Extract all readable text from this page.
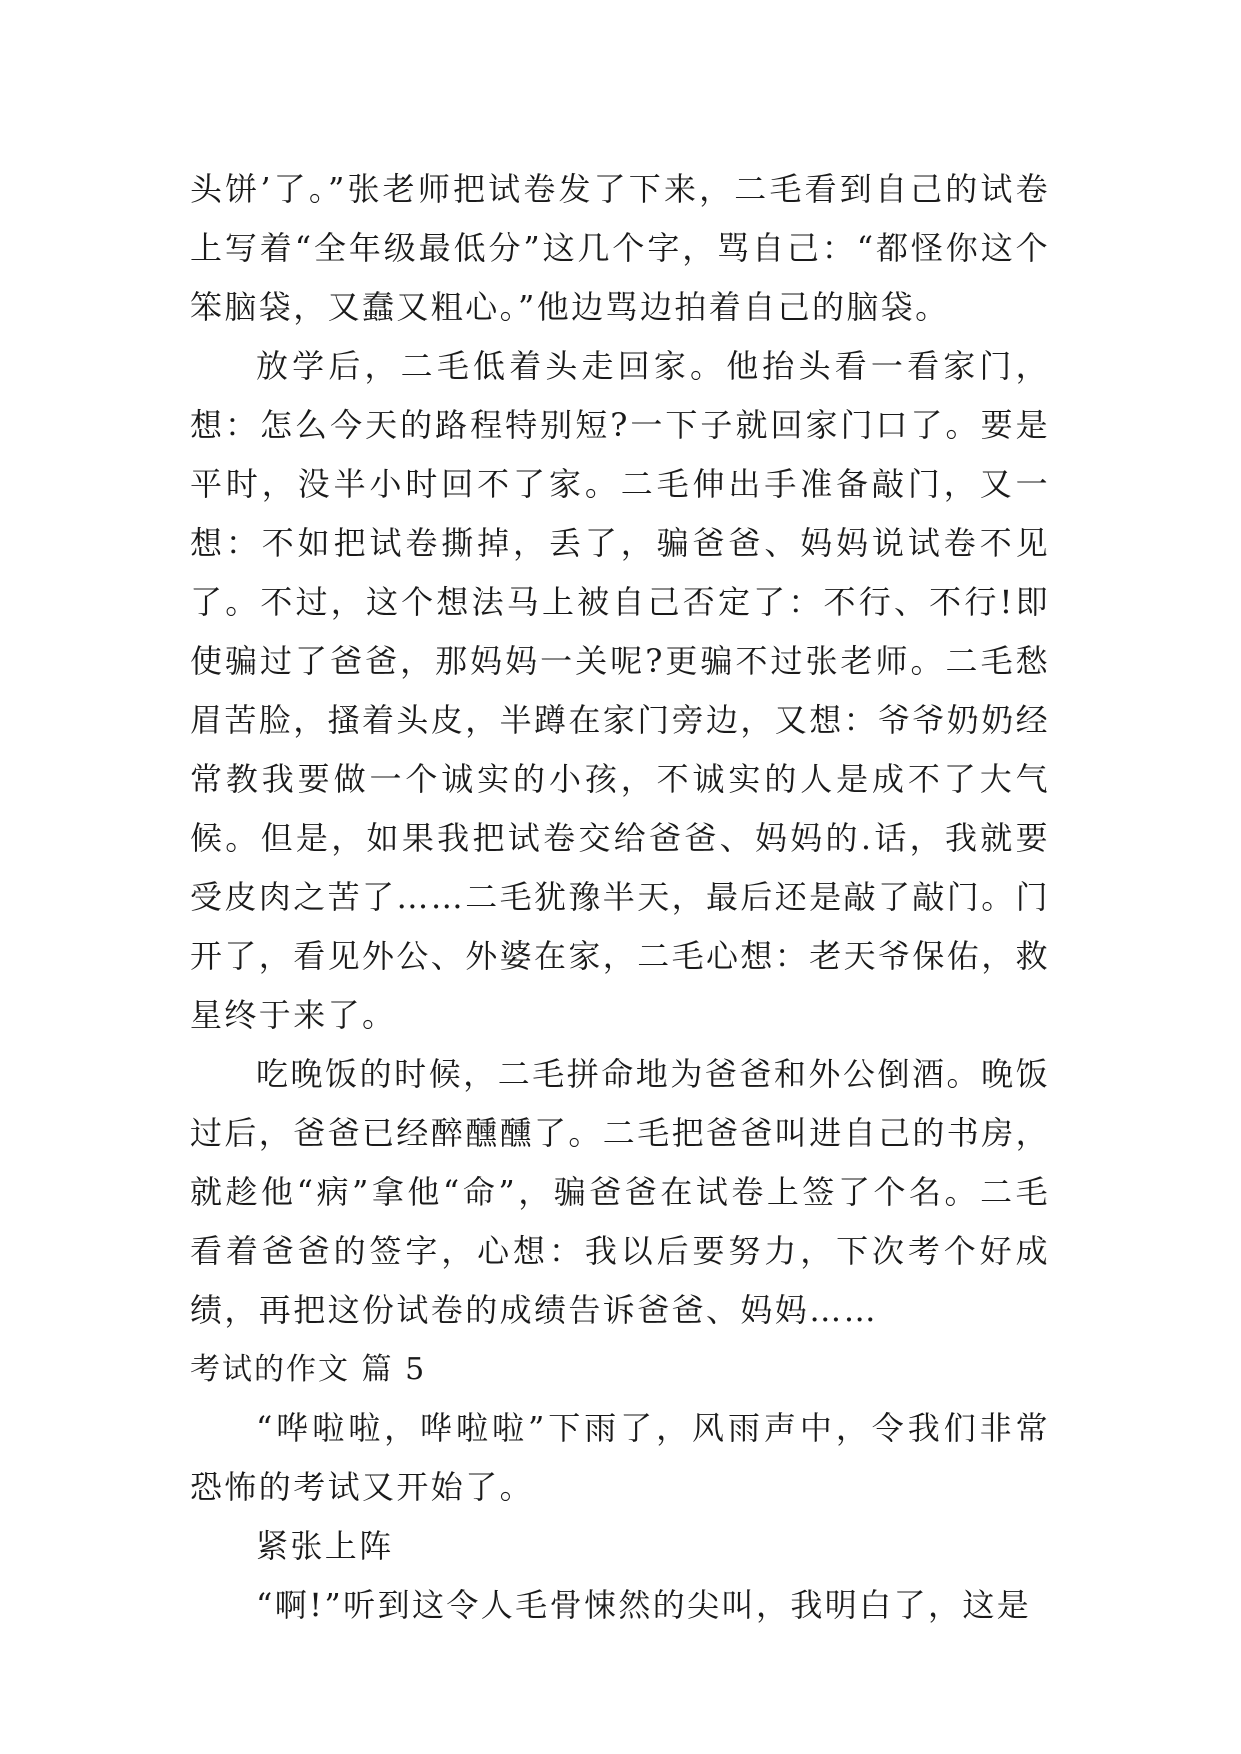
头饼’了。”张老师把试卷发了下来，二毛看到自己的试卷上写着“全年级最低分”这几个字，骂自己：“都怪你这个笨脑袋，又蠢又粗心。”他边骂边拍着自己的脑袋。

放学后，二毛低着头走回家。他抬头看一看家门，想：怎么今天的路程特别短?一下子就回家门口了。要是平时，没半小时回不了家。二毛伸出手准备敲门，又一想：不如把试卷撕掉，丢了，骗爸爸、妈妈说试卷不见了。不过，这个想法马上被自己否定了：不行、不行!即使骗过了爸爸，那妈妈一关呢?更骗不过张老师。二毛愁眉苦脸，搔着头皮，半蹲在家门旁边，又想：爷爷奶奶经常教我要做一个诚实的小孩，不诚实的人是成不了大气候。但是，如果我把试卷交给爸爸、妈妈的.话，我就要受皮肉之苦了……二毛犹豫半天，最后还是敲了敲门。门开了，看见外公、外婆在家，二毛心想：老天爷保佑，救星终于来了。

吃晚饭的时候，二毛拼命地为爸爸和外公倒酒。晚饭过后，爸爸已经醉醺醺了。二毛把爸爸叫进自己的书房，就趁他“病”拿他“命”，骗爸爸在试卷上签了个名。二毛看着爸爸的签字，心想：我以后要努力，下次考个好成绩，再把这份试卷的成绩告诉爸爸、妈妈……

考试的作文 篇 5

“哗啦啦，哗啦啦”下雨了，风雨声中，令我们非常恐怖的考试又开始了。

紧张上阵

“啊!”听到这令人毛骨悚然的尖叫，我明白了，这是
